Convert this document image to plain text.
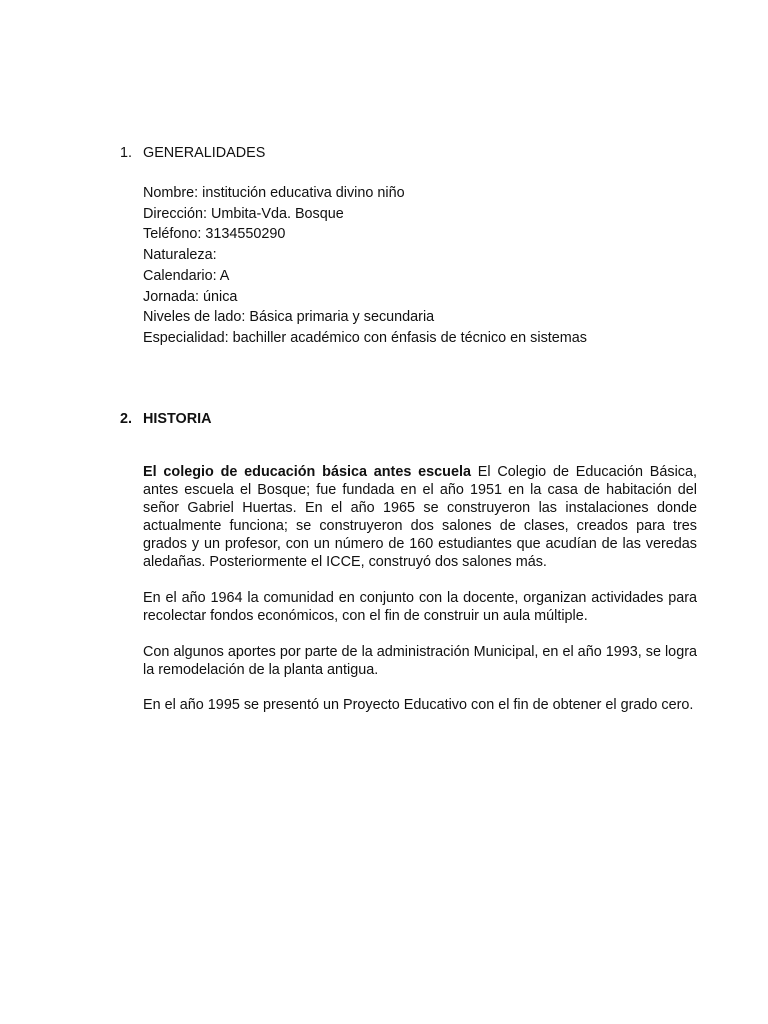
1. GENERALIDADES
Nombre: institución educativa divino niño
Dirección: Umbita-Vda. Bosque
Teléfono: 3134550290
Naturaleza:
Calendario: A
Jornada: única
Niveles de lado: Básica primaria y secundaria
Especialidad: bachiller académico con énfasis de técnico en sistemas
2. HISTORIA

El colegio de educación básica antes escuela El Colegio de Educación Básica, antes escuela el Bosque; fue fundada en el año 1951 en la casa de habitación del señor Gabriel Huertas. En el año 1965 se construyeron las instalaciones donde actualmente funciona; se construyeron dos salones de clases, creados para tres grados y un profesor, con un número de 160 estudiantes que acudían de las veredas aledañas. Posteriormente el ICCE, construyó dos salones más.

En el año 1964 la comunidad en conjunto con la docente, organizan actividades para recolectar fondos económicos, con el fin de construir un aula múltiple.

Con algunos aportes por parte de la administración Municipal, en el año 1993, se logra la remodelación de la planta antigua.

En el año 1995 se presentó un Proyecto Educativo con el fin de obtener el grado cero.
